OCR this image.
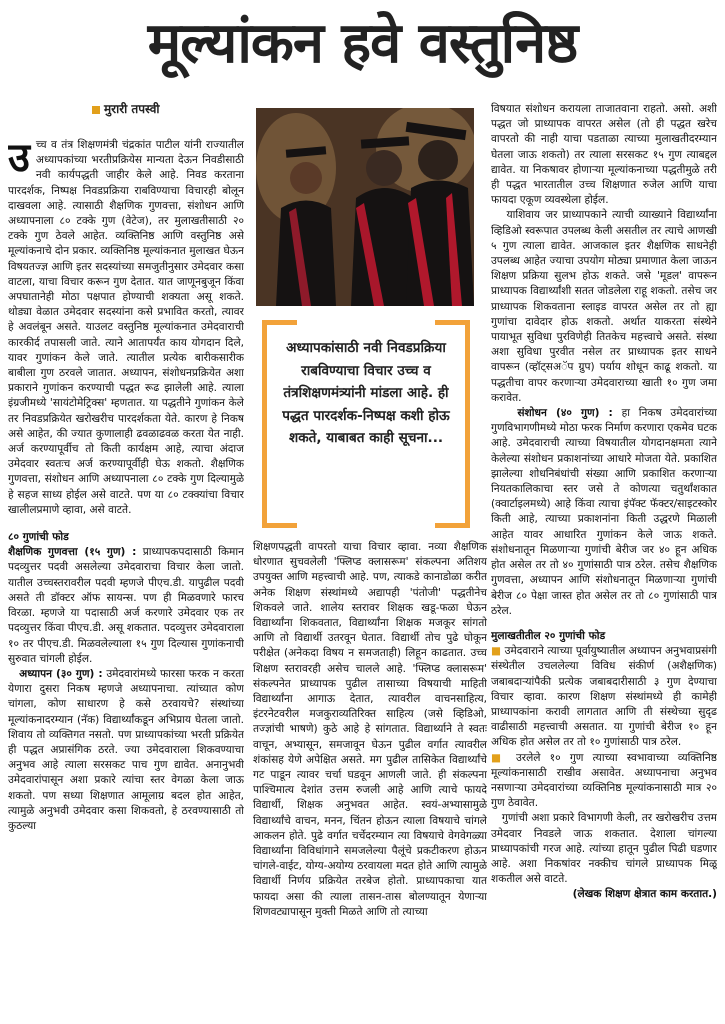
मूल्यांकन हवे वस्तुनिष्ठ
मुरारी तपस्वी

उच्च व तंत्र शिक्षणमंत्री चंद्रकांत पाटील यांनी राज्यातील अध्यापकांच्या भरतीप्रक्रियेस मान्यता देऊन निवडीसाठी नवी कार्यपद्धती जाहीर केले आहे. निवड करताना पारदर्शक, निष्पक्ष निवडप्रक्रिया राबविण्याचा विचारही बोलून दाखवला आहे. त्यासाठी शैक्षणिक गुणवत्ता, संशोधन आणि अध्यापनाला ८० टक्के गुण (वेटेज), तर मुलाखतीसाठी २० टक्के गुण ठेवले आहेत. व्यक्तिनिष्ठ आणि वस्तुनिष्ठ असे मूल्यांकनाचे दोन प्रकार. व्यक्तिनिष्ठ मूल्यांकनात मुलाखत घेऊन विषयतज्ज्ञ आणि इतर सदस्यांच्या समजुतीनुसार उमेदवार कसा वाटला, याचा विचार करून गुण देतात. यात जाणूनबुजून किंवा अपघातानेही मोठा पक्षपात होण्याची शक्यता असू शकते. थोड्या वेळात उमेदवार सदस्यांना कसे प्रभावित करतो, त्यावर हे अवलंबून असते. याउलट वस्तुनिष्ठ मूल्यांकनात उमेदवाराची कारकीर्द तपासली जाते. त्याने आतापर्यंत काय योगदान दिले, यावर गुणांकन केले जाते. त्यातील प्रत्येक बारीकसारीक बाबीला गुण ठरवले जातात. अध्यापन, संशोधनप्रक्रियेत अशा प्रकाराने गुणांकन करण्याची पद्धत रूढ झालेली आहे. त्याला इंग्रजीमध्ये 'सायंटोमेट्रिक्स' म्हणतात. या पद्धतीने गुणांकन केले तर निवडप्रक्रियेत खरोखरीच पारदर्शकता येते. कारण हे निकष असे आहेत, की ज्यात कुणालाही ढवळाढवळ करता येत नाही. अर्ज करण्यापूर्वीच तो किती कार्यक्षम आहे, त्याचा अंदाज उमेदवार स्वतःच अर्ज करण्यापूर्वीही घेऊ शकतो. शैक्षणिक गुणवत्ता, संशोधन आणि अध्यापनाला ८० टक्के गुण दिल्यामुळे हे सहज साध्य होईल असे वाटते. पण या ८० टक्क्यांचा विचार खालीलप्रमाणे व्हावा, असे वाटते.

८० गुणांची फोड

शैक्षणिक गुणवत्ता (१५ गुण) : प्राध्यापकपदासाठी किमान पदव्युत्तर पदवी असलेल्या उमेदवाराचा विचार केला जातो. यातील उच्चस्तरावरील पदवी म्हणजे पीएच.डी. यापुढील पदवी असते ती डॉक्टर ऑफ सायन्स. पण ही मिळवणारे फारच विरळा. म्हणजे या पदासाठी अर्ज करणारे उमेदवार एक तर पदव्युत्तर किंवा पीएच.डी. असू शकतात. पदव्युत्तर उमेदवाराला १० तर पीएच.डी. मिळवलेल्याला १५ गुण दिल्यास गुणांकनाची सुरुवात चांगली होईल.

अध्यापन (३० गुण) : उमेदवारांमध्ये फारसा फरक न करता येणारा दुसरा निकष म्हणजे अध्यापनाचा. त्यांच्यात कोण चांगला, कोण साधारण हे कसे ठरवायचे? संस्थांच्या मूल्यांकनादरम्यान (नॅक) विद्यार्थ्यांकडून अभिप्राय घेतला जातो. शिवाय तो व्यक्तिगत नसतो. पण प्राध्यापकांच्या भरती प्रक्रियेत ही पद्धत अप्रासंगिक ठरते. ज्या उमेदवाराला शिकवण्याचा अनुभव आहे त्याला सरसकट पाच गुण द्यावेत. अनानुभवी उमेदवारांपासून अशा प्रकारे त्यांचा स्तर वेगळा केला जाऊ शकतो. पण सध्या शिक्षणात आमूलाग्र बदल होत आहेत, त्यामुळे अनुभवी उमेदवार कसा शिकवतो, हे ठरवण्यासाठी तो कुठल्या

अध्यापकांसाठी नवी निवडप्रक्रिया राबविण्याचा विचार उच्च व तंत्रशिक्षणमंत्र्यांनी मांडला आहे. ही पद्धत पारदर्शक-निष्पक्ष कशी होऊ शकते, याबाबत काही सूचना...

शिक्षणपद्धती वापरतो याचा विचार व्हावा. नव्या शैक्षणिक धोरणात सुचवलेली 'फ्लिप्ड क्लासरूम' संकल्पना अतिशय उपयुक्त आणि महत्त्वाची आहे. पण, त्याकडे कानाडोळा करीत अनेक शिक्षण संस्थांमध्ये अद्यापही 'पंतोजी' पद्धतीनेच शिकवले जाते. शालेय स्तरावर शिक्षक खडू-फळा घेऊन विद्यार्थ्यांना शिकवतात, विद्यार्थ्यांना शिक्षक मजकूर सांगतो आणि तो विद्यार्थी उतरवून घेतात. विद्यार्थी तोच पुढे घोकून परीक्षेत (अनेकदा विषय न समजताही) लिहून काढतात. उच्च शिक्षण स्तरावरही असेच चालले आहे. 'फ्लिप्ड क्लासरूम' संकल्पनेत प्राध्यापक पुढील तासाच्या विषयाची माहिती विद्यार्थ्यांना आगाऊ देतात, त्यावरील वाचनसाहित्य, इंटरनेटवरील मजकुराव्यतिरिक्त साहित्य (जसे व्हिडिओ, तज्ज्ञांची भाषणे) कुठे आहे हे सांगतात. विद्यार्थ्याने ते स्वतः वाचून, अभ्यासून, समजावून घेऊन पुढील वर्गात त्यावरील शंकांसह येणे अपेक्षित असते. मग पुढील तासिकेत विद्यार्थ्यांचे गट पाडून त्यावर चर्चा घडवून आणली जाते. ही संकल्पना पाश्चिमात्य देशांत उत्तम रुजली आहे आणि त्याचे फायदे विद्यार्थी, शिक्षक अनुभवत आहेत. स्वयं-अभ्यासामुळे विद्यार्थ्यांचे वाचन, मनन, चिंतन होऊन त्याला विषयाचे चांगले आकलन होते. पुढे वर्गात चर्चेदरम्यान त्या विषयाचे वेगवेगळ्या विद्यार्थ्यांना विविधांगाने समजलेल्या पैलूंचे प्रकटीकरण होऊन चांगले-वाईट, योग्य-अयोग्य ठरवायला मदत होते आणि त्यामुळे विद्यार्थी निर्णय प्रक्रियेत तरबेज होतो. प्राध्यापकाचा यात फायदा असा की त्याला तासन-तास बोलण्यातून येणाऱ्या शिणवट्यापासून मुक्ती मिळते आणि तो त्याच्या

विषयात संशोधन करायला ताजातवाना राहतो. असो. अशी पद्धत जो प्राध्यापक वापरत असेल (तो ही पद्धत खरेच वापरतो की नाही याचा पडताळा त्याच्या मुलाखतीदरम्यान घेतला जाऊ शकतो) तर त्याला सरसकट १५ गुण त्याबद्दल द्यावेत. या निकषावर होणाऱ्या मूल्यांकनाच्या पद्धतीमुळे तरी ही पद्धत भारतातील उच्च शिक्षणात रुजेल आणि याचा फायदा एकूण व्यवस्थेला होईल.

याशिवाय जर प्राध्यापकाने त्याची व्याख्याने विद्यार्थ्यांना व्हिडिओ स्वरूपात उपलब्ध केली असतील तर त्याचे आणखी ५ गुण त्याला द्यावेत. आजकाल इतर शैक्षणिक साधनेही उपलब्ध आहेत ज्याचा उपयोग मोठ्या प्रमाणात केला जाऊन शिक्षण प्रक्रिया सुलभ होऊ शकते. जसे 'मूडल' वापरून प्राध्यापक विद्यार्थ्यांशी सतत जोडलेला राहू शकतो. तसेच जर प्राध्यापक शिकवताना स्लाइड वापरत असेल तर तो ह्या गुणांचा दावेदार होऊ शकतो. अर्थात याकरता संस्थेने पायाभूत सुविधा पुरविणेही तितकेच महत्त्वाचे असते. संस्था अशा सुविधा पुरवीत नसेल तर प्राध्यापक इतर साधने वापरून (व्हॉट्सअॅप ग्रुप) पर्याय शोधून काढू शकतो. या पद्धतीचा वापर करणाऱ्या उमेदवाराच्या खाती १० गुण जमा करावेत.

संशोधन (४० गुण) : हा निकष उमेदवारांच्या गुणविभागणीमध्ये मोठा फरक निर्माण करणारा एकमेव घटक आहे. उमेदवाराची त्याच्या विषयातील योगदानक्षमता त्याने केलेल्या संशोधन प्रकाशनांच्या आधारे मोजता येते. प्रकाशित झालेल्या शोधनिबंधांची संख्या आणि प्रकाशित करणाऱ्या नियतकालिकाचा स्तर जसे ते कोणत्या चतुर्थांशकात (क्वार्टाइलमध्ये) आहे किंवा त्याचा इंपॅक्ट फॅक्टर/साइटस्कोर किती आहे, त्याच्या प्रकाशनांना किती उद्धरणे मिळाली आहेत यावर आधारित गुणांकन केले जाऊ शकते. संशोधनातून मिळणाऱ्या गुणांची बेरीज जर ४० हून अधिक होत असेल तर तो ४० गुणांसाठी पात्र ठरेल. तसेच शैक्षणिक गुणवत्ता, अध्यापन आणि संशोधनातून मिळणाऱ्या गुणांची बेरीज ८० पेक्षा जास्त होत असेल तर तो ८० गुणांसाठी पात्र ठरेल.

मुलाखतीतील २० गुणांची फोड

■ उमेदवाराने त्याच्या पूर्वायुष्यातील अध्यापन अनुभवाप्रसंगी संस्थेतील उचललेल्या विविध संकीर्ण (अशैक्षणिक) जबाबदाऱ्यांपैकी प्रत्येक जबाबदारीसाठी ३ गुण देण्याचा विचार व्हावा. कारण शिक्षण संस्थांमध्ये ही कामेही प्राध्यापकांना करावी लागतात आणि ती संस्थेच्या सुदृढ वाढीसाठी महत्त्वाची असतात. या गुणांची बेरीज १० हून अधिक होत असेल तर तो १० गुणांसाठी पात्र ठरेल.

■ उरलेले १० गुण त्याच्या स्वभावाच्या व्यक्तिनिष्ठ मूल्यांकनासाठी राखीव असावेत. अध्यापनाचा अनुभव नसणाऱ्या उमेदवारांच्या व्यक्तिनिष्ठ मूल्यांकनासाठी मात्र २० गुण ठेवावेत.

गुणांची अशा प्रकारे विभागणी केली, तर खरोखरीच उत्तम उमेदवार निवडले जाऊ शकतात. देशाला चांगल्या प्राध्यापकांची गरज आहे. त्यांच्या हातून पुढील पिढी घडणार आहे. अशा निकषांवर नक्कीच चांगले प्राध्यापक मिळू शकतील असे वाटते.

(लेखक शिक्षण क्षेत्रात काम करतात.)
